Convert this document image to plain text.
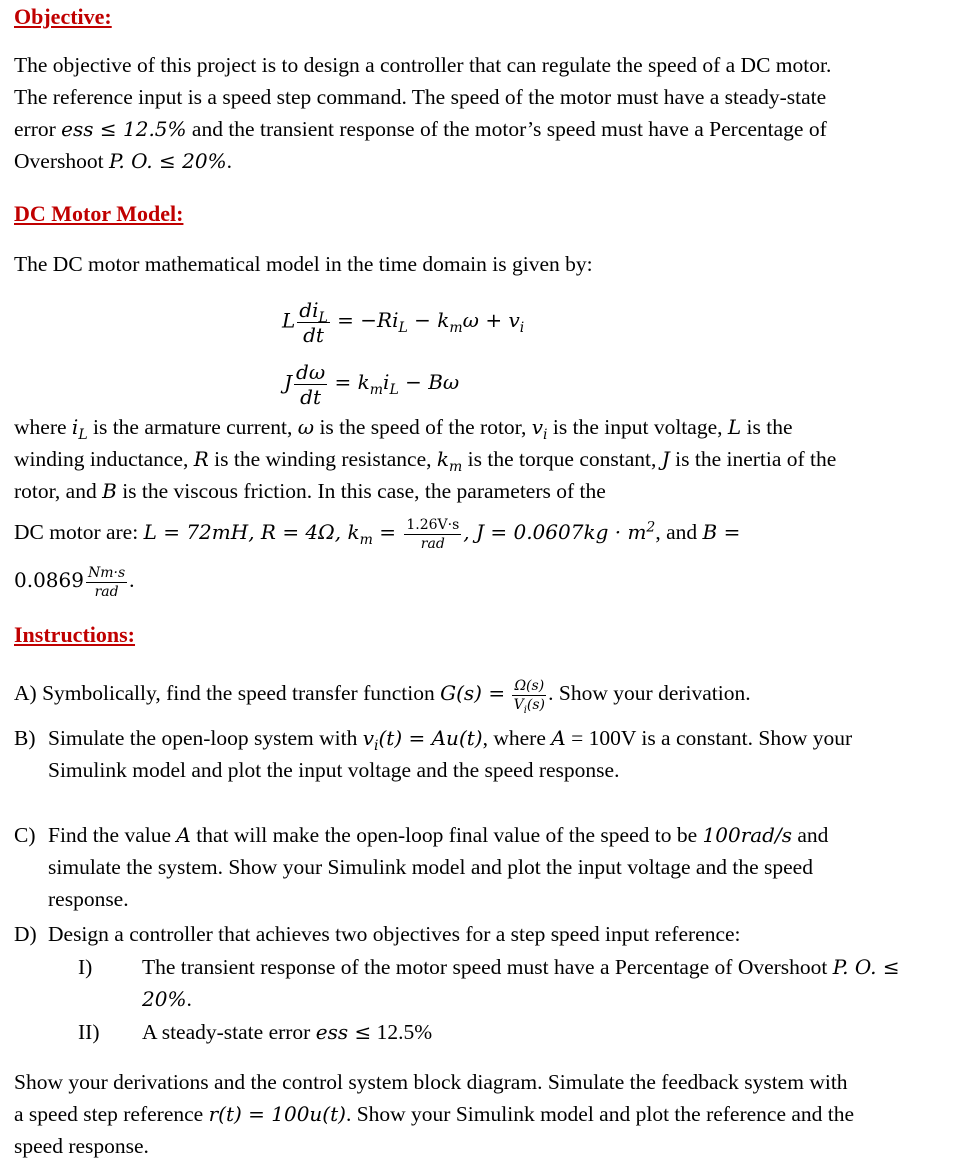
Objective:

The objective of this project is to design a controller that can regulate the speed of a DC motor. The reference input is a speed step command. The speed of the motor must have a steady-state error ess ≤ 12.5% and the transient response of the motor’s speed must have a Percentage of Overshoot P. O. ≤ 20%.

DC Motor Model:

The DC motor mathematical model in the time domain is given by:

L $\frac{di_L}{dt} = -Ri_L - k_m\omega + v_i$
J $\frac{d\omega}{dt} = k_mi_L - B\omega$

where $i_L$ is the armature current, ω is the speed of the rotor, $v_i$ is the input voltage, L is the winding inductance, R is the winding resistance, $k_m$ is the torque constant, J is the inertia of the rotor, and B is the viscous friction. In this case, the parameters of the

DC motor are: L = 72mH, R = 4Ω, $k_m = \frac{1.26V\cdot s}{\text{rad}}$ , $J = 0.0607kg \cdot m^2$, and B =
$0.0869 \frac{Nm\cdot s}{\text{rad}}$ .
Instructions:
A) Symbolically, find the speed transfer function $G(s) = \frac{\Omega(s)}{V_i(s)}$ . Show your derivation.
B) Simulate the open-loop system with $v_i(t) = Au(t)$, where A = 100V is a constant. Show your Simulink model and plot the input voltage and the speed response.
C) Find the value A that will make the open-loop final value of the speed to be 100rad/s and simulate the system. Show your Simulink model and plot the input voltage and the speed response.
D) Design a controller that achieves two objectives for a step speed input reference:
I) The transient response of the motor speed must have a Percentage of Overshoot P. O. ≤ 20%.
II) A steady-state error ess ≤ 12.5%

Show your derivations and the control system block diagram. Simulate the feedback system with a speed step reference r(t) = 100u(t). Show your Simulink model and plot the reference and the speed response.
